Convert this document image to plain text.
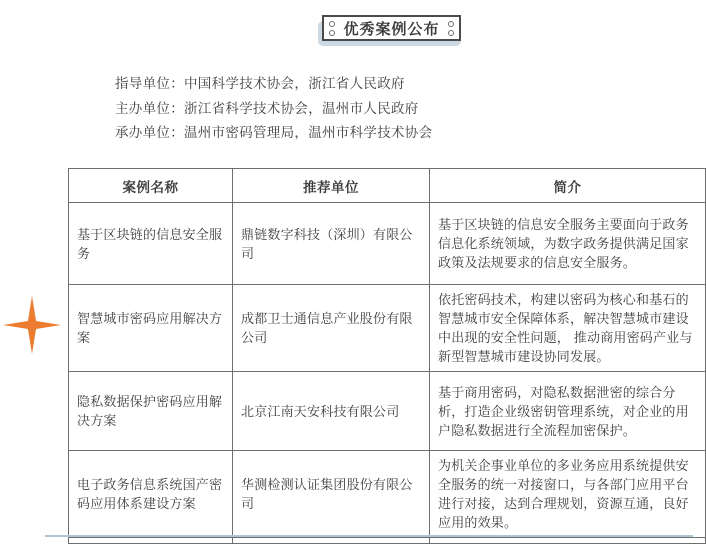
优秀案例公布
指导单位：中国科学技术协会，浙江省人民政府
主办单位：浙江省科学技术协会，温州市人民政府
承办单位：温州市密码管理局，温州市科学技术协会
案例名称	推荐单位	简介
基于区块链的信息安全服务	鼎链数字科技（深圳）有限公司	基于区块链的信息安全服务主要面向于政务信息化系统领域，为数字政务提供满足国家政策及法规要求的信息安全服务。
智慧城市密码应用解决方案	成都卫士通信息产业股份有限公司	依托密码技术，构建以密码为核心和基石的智慧城市安全保障体系，解决智慧城市建设中出现的安全性问题， 推动商用密码产业与新型智慧城市建设协同发展。
隐私数据保护密码应用解决方案	北京江南天安科技有限公司	基于商用密码，对隐私数据泄密的综合分析，打造企业级密钥管理系统，对企业的用户隐私数据进行全流程加密保护。
电子政务信息系统国产密码应用体系建设方案	华测检测认证集团股份有限公司	为机关企事业单位的多业务应用系统提供安全服务的统一对接窗口，与各部门应用平台进行对接，达到合理规划，资源互通，良好应用的效果。
